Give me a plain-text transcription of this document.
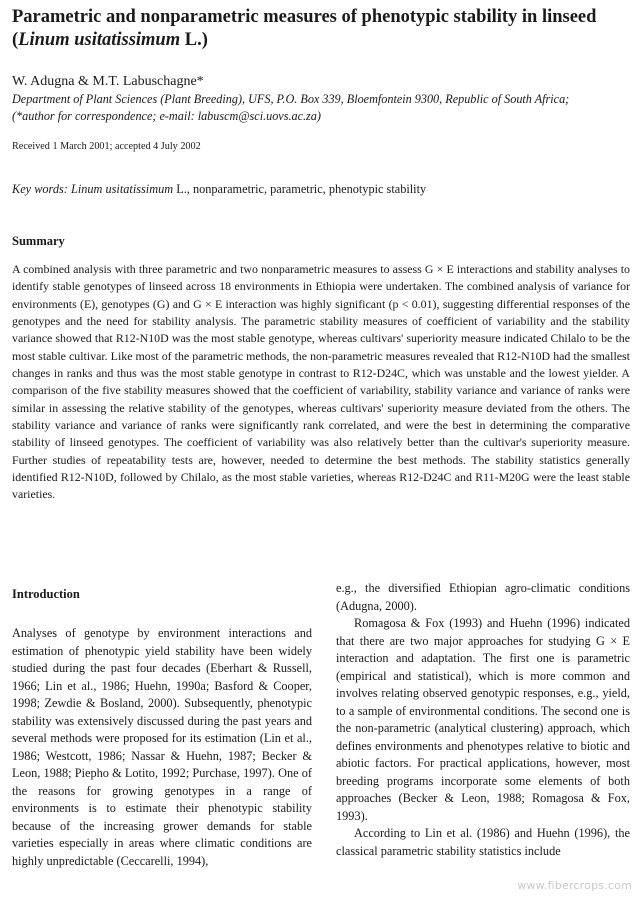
Parametric and nonparametric measures of phenotypic stability in linseed
(Linum usitatissimum L.)
W. Adugna & M.T. Labuschagne*
Department of Plant Sciences (Plant Breeding), UFS, P.O. Box 339, Bloemfontein 9300, Republic of South Africa;
(*author for correspondence; e-mail: labuscm@sci.uovs.ac.za)
Received 1 March 2001; accepted 4 July 2002
Key words: Linum usitatissimum L., nonparametric, parametric, phenotypic stability
Summary
A combined analysis with three parametric and two nonparametric measures to assess G × E interactions and stability analyses to identify stable genotypes of linseed across 18 environments in Ethiopia were undertaken. The combined analysis of variance for environments (E), genotypes (G) and G × E interaction was highly significant (p < 0.01), suggesting differential responses of the genotypes and the need for stability analysis. The parametric stability measures of coefficient of variability and the stability variance showed that R12-N10D was the most stable genotype, whereas cultivars' superiority measure indicated Chilalo to be the most stable cultivar. Like most of the parametric methods, the non-parametric measures revealed that R12-N10D had the smallest changes in ranks and thus was the most stable genotype in contrast to R12-D24C, which was unstable and the lowest yielder. A comparison of the five stability measures showed that the coefficient of variability, stability variance and variance of ranks were similar in assessing the relative stability of the genotypes, whereas cultivars' superiority measure deviated from the others. The stability variance and variance of ranks were significantly rank correlated, and were the best in determining the comparative stability of linseed genotypes. The coefficient of variability was also relatively better than the cultivar's superiority measure. Further studies of repeatability tests are, however, needed to determine the best methods. The stability statistics generally identified R12-N10D, followed by Chilalo, as the most stable varieties, whereas R12-D24C and R11-M20G were the least stable varieties.
Introduction

Analyses of genotype by environment interactions and estimation of phenotypic yield stability have been widely studied during the past four decades (Eberhart & Russell, 1966; Lin et al., 1986; Huehn, 1990a; Basford & Cooper, 1998; Zewdie & Bosland, 2000). Subsequently, phenotypic stability was extensively discussed during the past years and several methods were proposed for its estimation (Lin et al., 1986; Westcott, 1986; Nassar & Huehn, 1987; Becker & Leon, 1988; Piepho & Lotito, 1992; Purchase, 1997). One of the reasons for growing genotypes in a range of environments is to estimate their phenotypic stability because of the increasing grower demands for stable varieties especially in areas where climatic conditions are highly unpredictable (Ceccarelli, 1994),

e.g., the diversified Ethiopian agro-climatic conditions (Adugna, 2000).

Romagosa & Fox (1993) and Huehn (1996) indicated that there are two major approaches for studying G × E interaction and adaptation. The first one is parametric (empirical and statistical), which is more common and involves relating observed genotypic responses, e.g., yield, to a sample of environmental conditions. The second one is the non-parametric (analytical clustering) approach, which defines environments and phenotypes relative to biotic and abiotic factors. For practical applications, however, most breeding programs incorporate some elements of both approaches (Becker & Leon, 1988; Romagosa & Fox, 1993).

According to Lin et al. (1986) and Huehn (1996), the classical parametric stability statistics include

www.fibercrops.com
